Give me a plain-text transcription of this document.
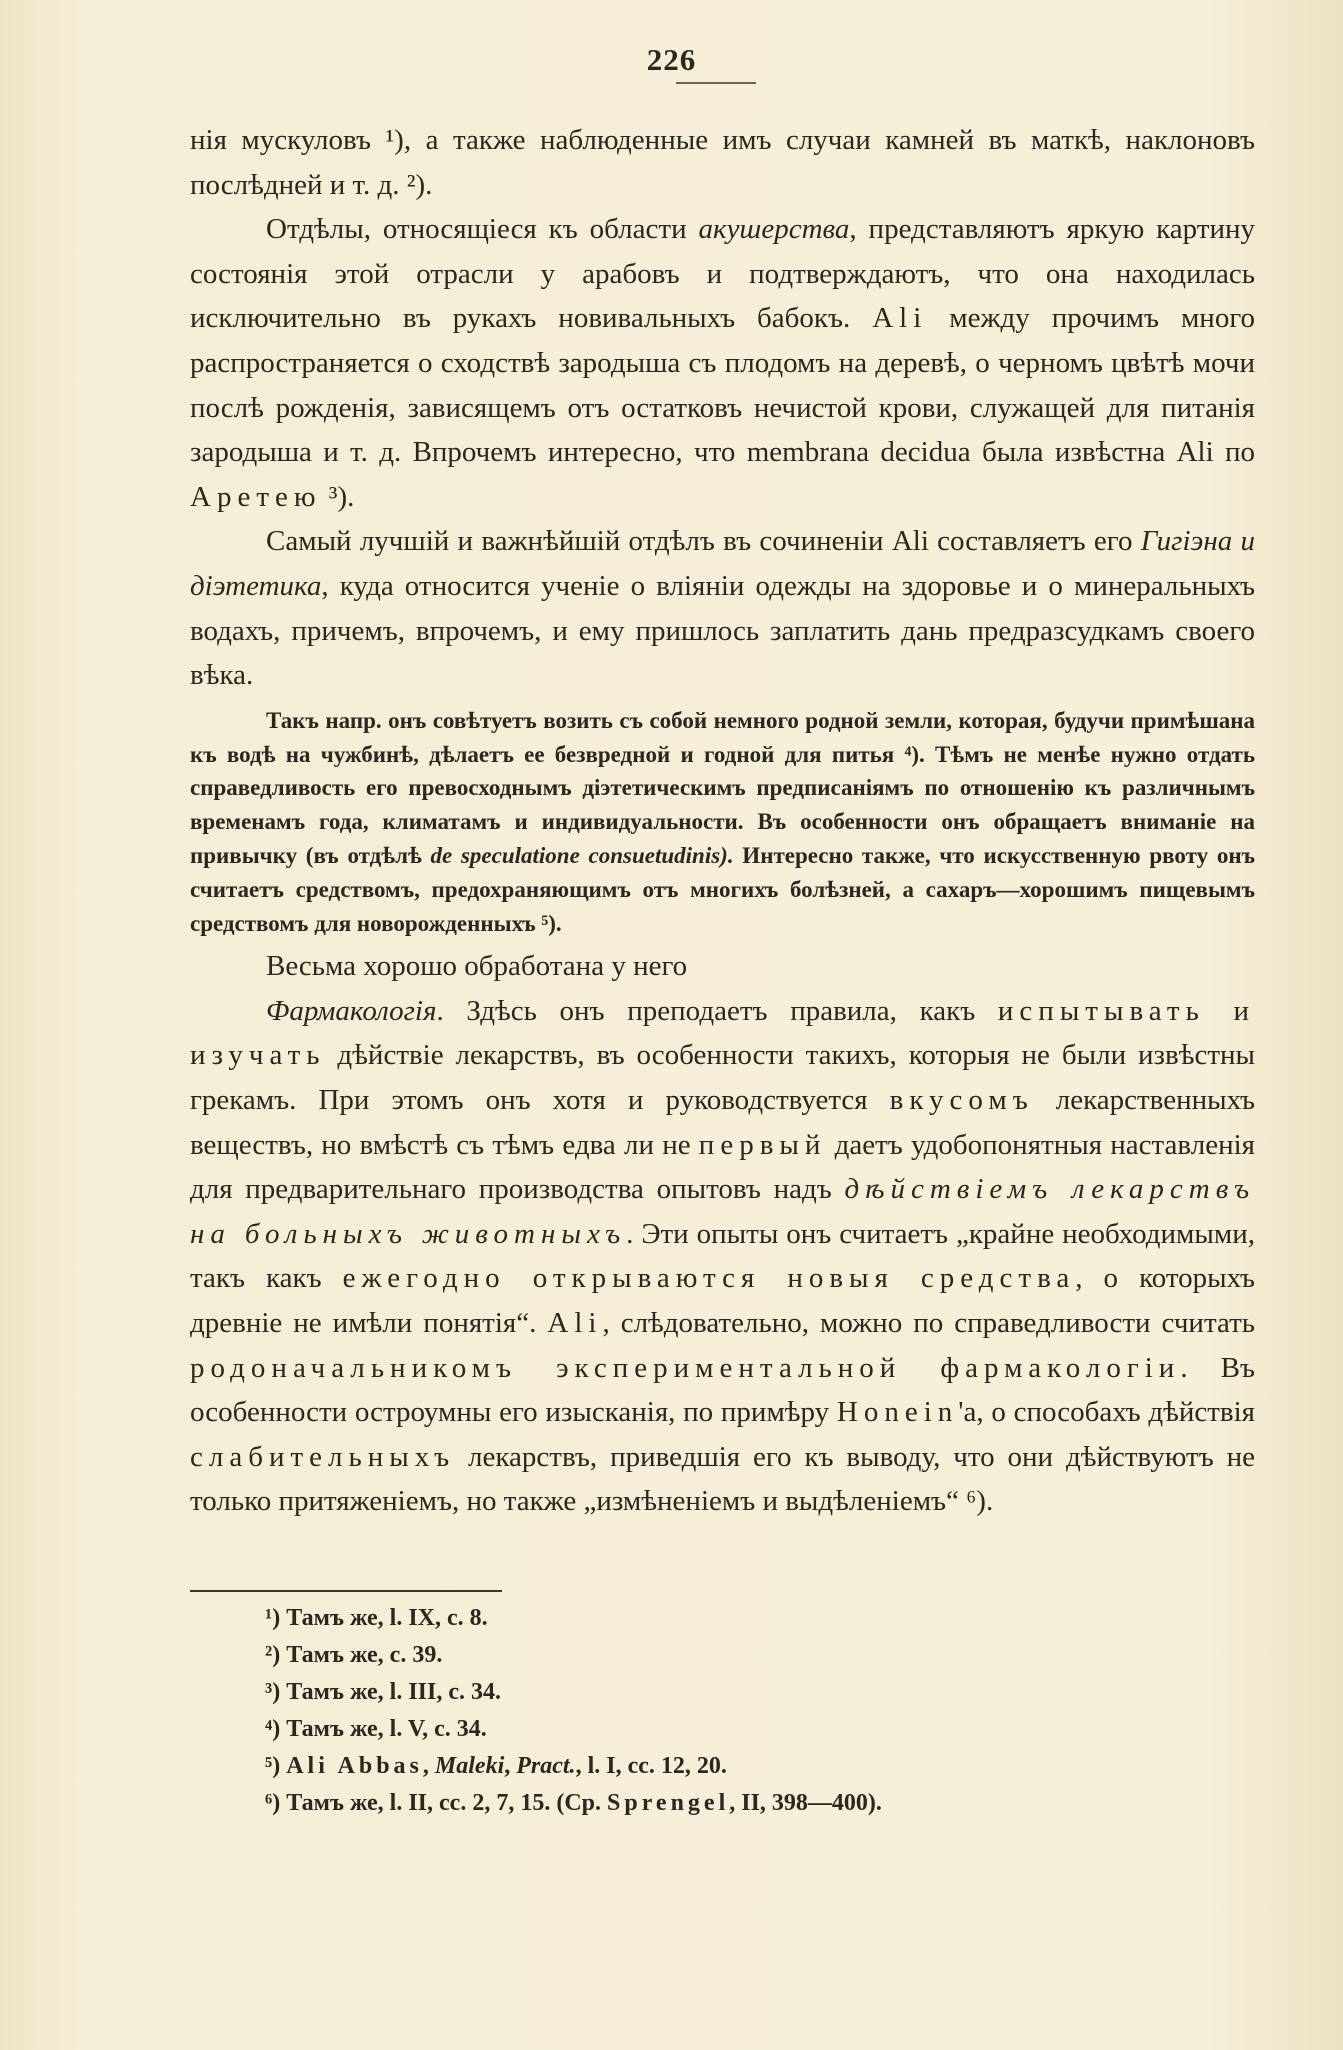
226

нія мускуловъ ¹), а также наблюденные имъ случаи камней въ маткѣ, наклоновъ послѣдней и т. д. ²).

Отдѣлы, относящіеся къ области акушерства, представляютъ яркую картину состоянія этой отрасли у арабовъ и подтверждаютъ, что она находилась исключительно въ рукахъ новивальныхъ бабокъ. Ali между прочимъ много распространяется о сходствѣ зародыша съ плодомъ на деревѣ, о черномъ цвѣтѣ мочи послѣ рожденія, зависящемъ отъ остатковъ нечистой крови, служащей для питанія зародыша и т. д. Впрочемъ интересно, что membrana decidua была извѣстна Ali по Аретею ³).

Самый лучшій и важнѣйшій отдѣлъ въ сочиненіи Ali составляетъ его Гигіэна и діэтетика, куда относится ученіе о вліяніи одежды на здоровье и о минеральныхъ водахъ, причемъ, впрочемъ, и ему пришлось заплатить дань предразсудкамъ своего вѣка.

Такъ напр. онъ совѣтуетъ возить съ собой немного родной земли, которая, будучи примѣшана къ водѣ на чужбинѣ, дѣлаетъ ее безвредной и годной для питья ⁴). Тѣмъ не менѣе нужно отдать справедливость его превосходнымъ діэтетическимъ предписаніямъ по отношенію къ различнымъ временамъ года, климатамъ и индивидуальности. Въ особенности онъ обращаетъ вниманіе на привычку (въ отдѣлѣ de speculatione consuetudinis). Интересно также, что искусственную рвоту онъ считаетъ средствомъ, предохраняющимъ отъ многихъ болѣзней, а сахаръ—хорошимъ пищевымъ средствомъ для новорожденныхъ ⁵).

Весьма хорошо обработана у него

Фармакологія. Здѣсь онъ преподаетъ правила, какъ испытывать и изучать дѣйствіе лекарствъ, въ особенности такихъ, которыя не были извѣстны грекамъ. При этомъ онъ хотя и руководствуется вкусомъ лекарственныхъ веществъ, но вмѣстѣ съ тѣмъ едва ли не первый даетъ удобопонятныя наставленія для предварительнаго производства опытовъ надъ дѣйствіемъ лекарствъ на больныхъ животныхъ. Эти опыты онъ считаетъ „крайне необходимыми, такъ какъ ежегодно открываются новыя средства, о которыхъ древніе не имѣли понятія“. Ali, слѣдовательно, можно по справедливости считать родоначальникомъ экспериментальной фармакологіи. Въ особенности остроумны его изысканія, по примѣру Honein'a, о способахъ дѣйствія слабительныхъ лекарствъ, приведшія его къ выводу, что они дѣйствуютъ не только притяженіемъ, но также „измѣненіемъ и выдѣленіемъ“ ⁶).

¹) Тамъ же, l. IX, c. 8.
²) Тамъ же, с. 39.
³) Тамъ же, l. III, c. 34.
⁴) Тамъ же, l. V, c. 34.
⁵) Ali Abbas, Maleki, Pract., l. I, cc. 12, 20.
⁶) Тамъ же, l. II, cc. 2, 7, 15. (Ср. Sprengel, II, 398—400).
